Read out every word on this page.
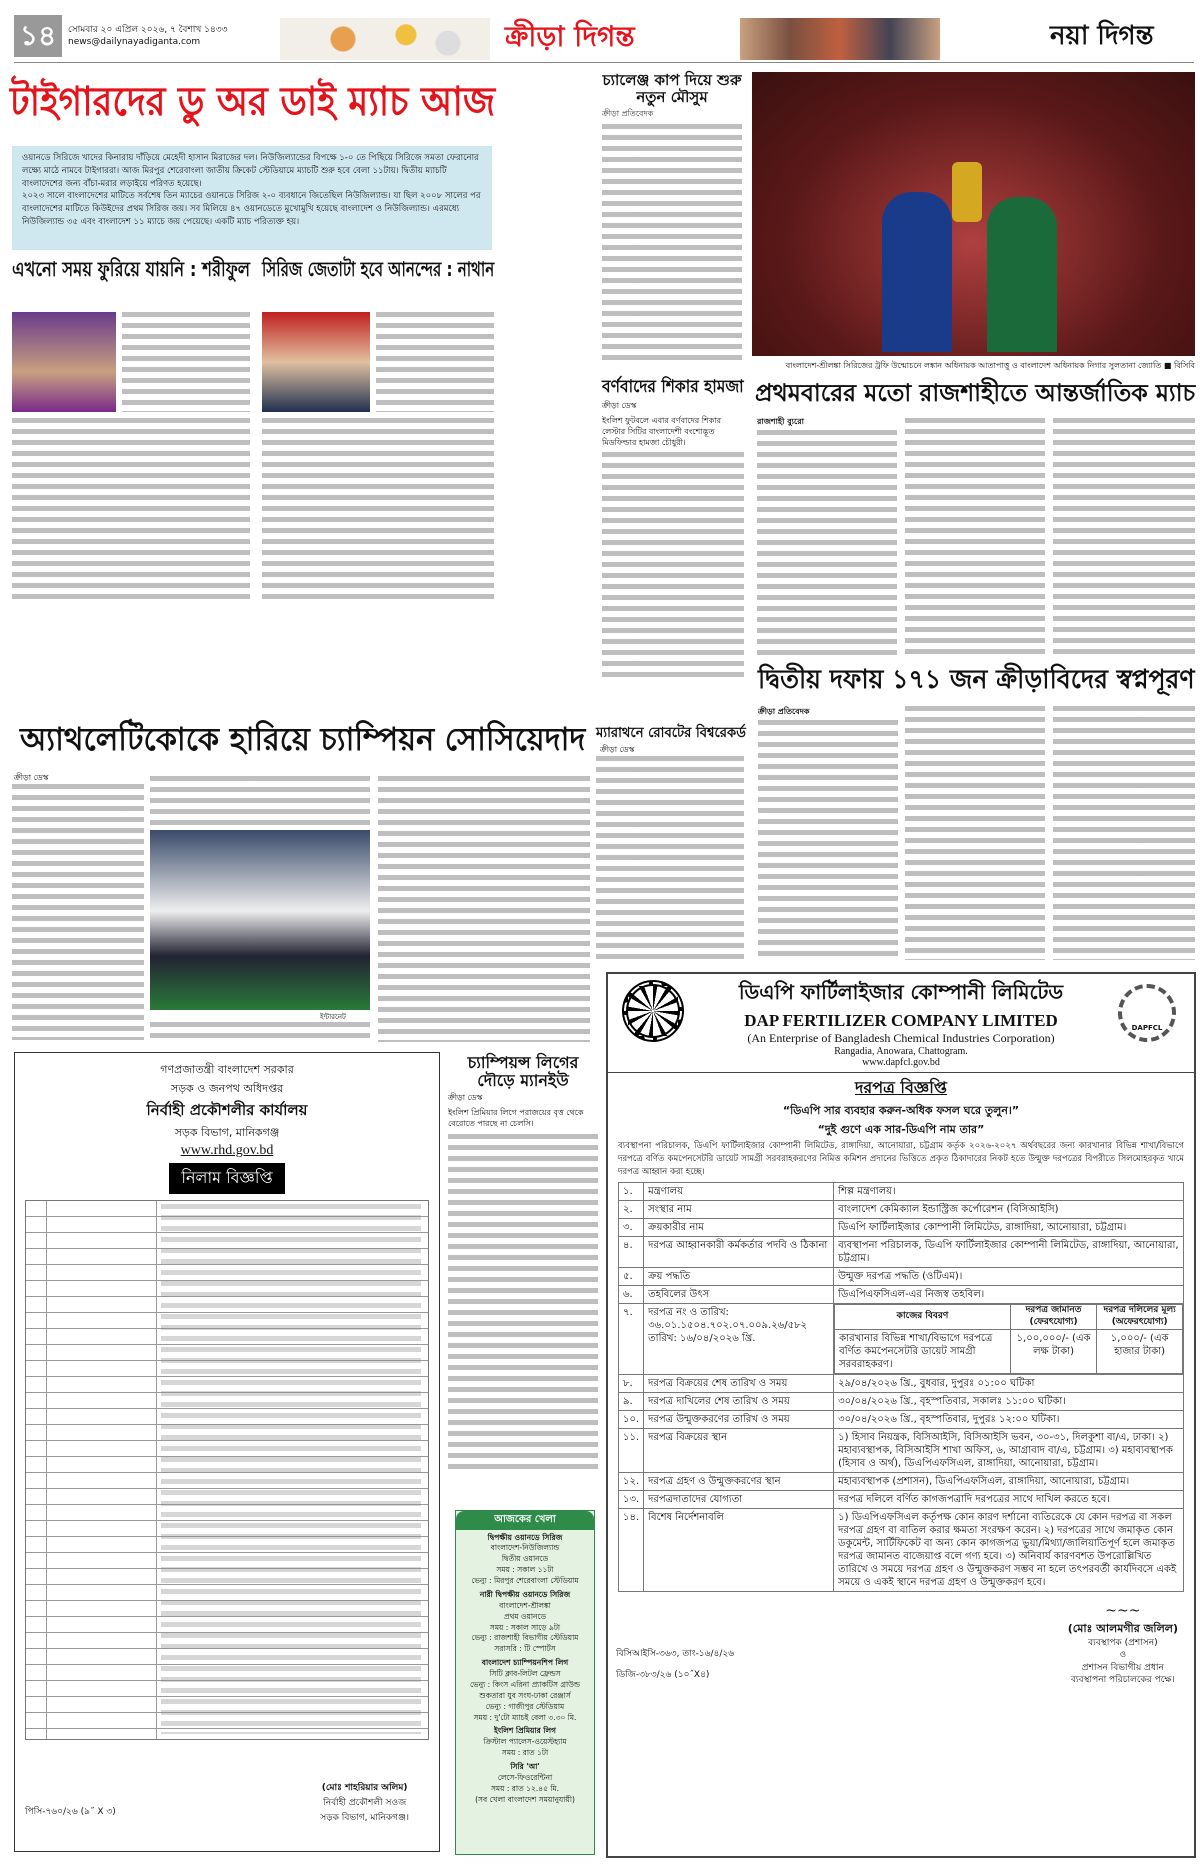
১৪	সোমবার ২০ এপ্রিল ২০২৬, ৭ বৈশাখ ১৪৩৩
news@dailynayadiganta.com	ক্রীড়া দিগন্ত	নয়া দিগন্ত
টাইগারদের ডু অর ডাই ম্যাচ আজ

ওয়ানডে সিরিজে খাদের কিনারায় দাঁড়িয়ে মেহেদী হাসান মিরাজের দল। নিউজিল্যান্ডের বিপক্ষে ১-০ তে পিছিয়ে সিরিজে সমতা ফেরানোর লক্ষ্যে মাঠে নামবে টাইগাররা। আজ মিরপুর শেরেবাংলা জাতীয় ক্রিকেট স্টেডিয়ামে ম্যাচটি শুরু হবে বেলা ১১টায়। দ্বিতীয় ম্যাচটি বাংলাদেশের জন্য বাঁচা-মরার লড়াইয়ে পরিণত হয়েছে।

২০২৩ সালে বাংলাদেশের মাটিতে সর্বশেষ তিন ম্যাচের ওয়ানডে সিরিজ ২-০ ব্যবধানে জিতেছিল নিউজিল্যান্ড। যা ছিল ২০০৮ সালের পর বাংলাদেশের মাটিতে কিউইদের প্রথম সিরিজ জয়। সব মিলিয়ে ৪৭ ওয়ানডেতে মুখোমুখি হয়েছে বাংলাদেশ ও নিউজিল্যান্ড। এরমধ্যে নিউজিল্যান্ড ৩৫ এবং বাংলাদেশ ১১ ম্যাচে জয় পেয়েছে। একটি ম্যাচ পরিত্যক্ত হয়।

এখনো সময় ফুরিয়ে যায়নি : শরীফুল সিরিজ জেতাটা হবে আনন্দের : নাথান
চ্যালেঞ্জ কাপ দিয়ে শুরু নতুন মৌসুম
ক্রীড়া প্রতিবেদক
বাংলাদেশ-শ্রীলঙ্কা সিরিজের ট্রফি উন্মোচনে লঙ্কান অধিনায়ক আতাপাত্তু ও বাংলাদেশ অধিনায়ক নিগার সুলতানা জ্যোতি ■ বিসিবি
প্রথমবারের মতো রাজশাহীতে আন্তর্জাতিক ম্যাচ
রাজশাহী ব্যুরো
বর্ণবাদের শিকার হামজা
ক্রীড়া ডেস্ক
ইংলিশ ফুটবলে এবার বর্ণবাদের শিকার লেস্টার সিটির বাংলাদেশী বংশোদ্ভূত মিডফিল্ডার হামজা চৌধুরী।
দ্বিতীয় দফায় ১৭১ জন ক্রীড়াবিদের স্বপ্নপূরণ
ক্রীড়া প্রতিবেদক
ম্যারাথনে রোবটের বিশ্বরেকর্ড
ক্রীড়া ডেস্ক
অ্যাথলেটিকোকে হারিয়ে চ্যাম্পিয়ন সোসিয়েদাদ
ক্রীড়া ডেস্ক
ইন্টারনেট
গণপ্রজাতন্ত্রী বাংলাদেশ সরকার
সড়ক ও জনপথ অধিদপ্তর
নির্বাহী প্রকৌশলীর কার্যালয়
সড়ক বিভাগ, মানিকগঞ্জ
www.rhd.gov.bd
নিলাম বিজ্ঞপ্তি
পিসি-৭৬০/২৬ (৯˝ X ৩)
(মোঃ শাহরিয়ার অলিম)
নির্বাহী প্রকৌশলী সওজ
সড়ক বিভাগ, মানিকগঞ্জ।
চ্যাম্পিয়ন্স লিগের দৌড়ে ম্যানইউ
ক্রীড়া ডেস্ক
ইংলিশ প্রিমিয়ার লিগে পরাজয়ের বৃত্ত থেকে বেরোতে পারছে না চেলসি।
আজকের খেলা
দ্বিপক্ষীয় ওয়ানডে সিরিজ
বাংলাদেশ-নিউজিল্যান্ড
দ্বিতীয় ওয়ানডে
সময় : সকাল ১১টা
ভেন্যু : মিরপুর শেরেবাংলা স্টেডিয়াম
নারী দ্বিপক্ষীয় ওয়ানডে সিরিজ
বাংলাদেশ-শ্রীলঙ্কা
প্রথম ওয়ানডে
সময় : সকাল সাড়ে ৯টা
ভেন্যু : রাজশাহী বিভাগীয় স্টেডিয়াম
সরাসরি : টি স্পোর্টস
বাংলাদেশ চ্যাম্পিয়নশিপ লিগ
সিটি ক্লাব-লিটল ফ্রেন্ডস
ভেন্যু : কিংস এরিনা প্র্যাকটিস গ্রাউন্ড
শুকতারা যুব সংঘ-ঢাকা রেঞ্জার্স
ভেন্যু : গাজীপুর স্টেডিয়াম
সময় : দু'টো ম্যাচই বেলা ৩.৩০ মি.
ইংলিশ প্রিমিয়ার লিগ
ক্রিস্টাল প্যালেস-ওয়েস্টহ্যাম
সময় : রাত ১টা
সিরি 'আ'
লেসে-ফিওরেন্টিনা
সময় : রাত ১২.৪৫ মি.
(সব খেলা বাংলাদেশ সময়ানুযায়ী)
DAPFCL
ডিএপি ফার্টিলাইজার কোম্পানী লিমিটেড
DAP FERTILIZER COMPANY LIMITED
(An Enterprise of Bangladesh Chemical Industries Corporation)
Rangadia, Anowara, Chattogram.
www.dapfcl.gov.bd
দরপত্র বিজ্ঞপ্তি
“ডিএপি সার ব্যবহার করুন-অধিক ফসল ঘরে তুলুন।”
“দুই গুণে এক সার-ডিএপি নাম তার”
ব্যবস্থাপনা পরিচালক, ডিএপি ফার্টিলাইজার কোম্পানী লিমিটেড, রাঙ্গাদিয়া, আনোয়ারা, চট্টগ্রাম কর্তৃক ২০২৬-২০২৭ অর্থবছরের জন্য কারখানার বিভিন্ন শাখা/বিভাগে দরপত্রে বর্ণিত কমপেনসেটরি ডায়েট সামগ্রী সরবরাহকরণের নিমিত্ত কমিশন প্রদানের ভিত্তিতে প্রকৃত ঠিকাদারের নিকট হতে উন্মুক্ত দরপত্রের বিপরীতে সিলমোহরকৃত খামে দরপত্র আহ্বান করা হচ্ছে।
১.	মন্ত্রণালয়	শিল্প মন্ত্রণালয়।
২.	সংস্থার নাম	বাংলাদেশ কেমিক্যাল ইন্ডাস্ট্রিজ কর্পোরেশন (বিসিআইসি)
৩.	ক্রয়কারীর নাম	ডিএপি ফার্টিলাইজার কোম্পানী লিমিটেড, রাঙ্গাদিয়া, আনোয়ারা, চট্টগ্রাম।
৪.	দরপত্র আহ্বানকারী কর্মকর্তার পদবি ও ঠিকানা	ব্যবস্থাপনা পরিচালক, ডিএপি ফার্টিলাইজার কোম্পানী লিমিটেড, রাঙ্গাদিয়া, আনোয়ারা, চট্টগ্রাম।
৫.	ক্রয় পদ্ধতি	উন্মুক্ত দরপত্র পদ্ধতি (ওটিএম)।
৬.	তহবিলের উৎস	ডিএপিএফসিএল-এর নিজস্ব তহবিল।
৭.	দরপত্র নং ও তারিখ:
৩৬.০১.১৫০৪.৭০২.০৭.০০৯.২৬/৫৮২
তারিখ: ১৬/০৪/২০২৬ খ্রি.	
কাজের বিবরণ	দরপত্র জামানত (ফেরৎযোগ্য)	দরপত্র দলিলের মূল্য (অফেরৎযোগ্য)
কারখানার বিভিন্ন শাখা/বিভাগে দরপত্রে বর্ণিত কমপেনসেটরি ডায়েট সামগ্রী সরবরাহকরণ।	১,০০,০০০/- (এক লক্ষ টাকা)	১,০০০/- (এক হাজার টাকা)

৮.	দরপত্র বিক্রয়ের শেষ তারিখ ও সময়	২৯/০৪/২০২৬ খ্রি., বুধবার, দুপুরঃ ০১:০০ ঘটিকা
৯.	দরপত্র দাখিলের শেষ তারিখ ও সময়	৩০/০৪/২০২৬ খ্রি., বৃহস্পতিবার, সকালঃ ১১:০০ ঘটিকা।
১০.	দরপত্র উন্মুক্তকরণের তারিখ ও সময়	৩০/০৪/২০২৬ খ্রি., বৃহস্পতিবার, দুপুরঃ ১২:০০ ঘটিকা।
১১.	দরপত্র বিক্রয়ের স্থান	১) হিসাব নিয়ন্ত্রক, বিসিআইসি, বিসিআইসি ভবন, ৩০-৩১, দিলকুশা বা/এ, ঢাকা। ২) মহাব্যবস্থাপক, বিসিআইসি শাখা অফিস, ৬, আগ্রাবাদ বা/এ, চট্টগ্রাম। ৩) মহাব্যবস্থাপক (হিসাব ও অর্থ), ডিএপিএফসিএল, রাঙ্গাদিয়া, আনোয়ারা, চট্টগ্রাম।
১২.	দরপত্র গ্রহণ ও উন্মুক্তকরণের স্থান	মহাব্যবস্থাপক (প্রশাসন), ডিএপিএফসিএল, রাঙ্গাদিয়া, আনোয়ারা, চট্টগ্রাম।
১৩.	দরপত্রদাতাদের যোগ্যতা	দরপত্র দলিলে বর্ণিত কাগজপত্রাদি দরপত্রের সাথে দাখিল করতে হবে।
১৪.	বিশেষ নির্দেশনাবলি	১) ডিএপিএফসিএল কর্তৃপক্ষ কোন কারণ দর্শানো ব্যতিরেকে যে কোন দরপত্র বা সকল দরপত্র গ্রহণ বা বাতিল করার ক্ষমতা সংরক্ষণ করেন। ২) দরপত্রের সাথে জমাকৃত কোন ডকুমেন্ট, সার্টিফিকেট বা অন্য কোন কাগজপত্র ভুয়া/মিথ্যা/জালিয়াতিপূর্ণ হলে জমাকৃত দরপত্র জামানত বাজেয়াপ্ত বলে গণ্য হবে। ৩) অনিবার্য কারণবশত উপরোল্লিখিত তারিখে ও সময়ে দরপত্র গ্রহণ ও উন্মুক্তকরণ সম্ভব না হলে তৎপরবর্তী কার্যদিবসে একই সময়ে ও একই স্থানে দরপত্র গ্রহণ ও উন্মুক্তকরণ হবে।
বিসিআইসি-৩৬৩, তাং-১৬/৪/২৬
ডিজি-৩৮৩/২৬ (১০˝X৪)
~~~
(মোঃ আলমগীর জলিল)
ব্যবস্থাপক (প্রশাসন)
ও
প্রশাসন বিভাগীয় প্রধান
ব্যবস্থাপনা পরিচালকের পক্ষে।
